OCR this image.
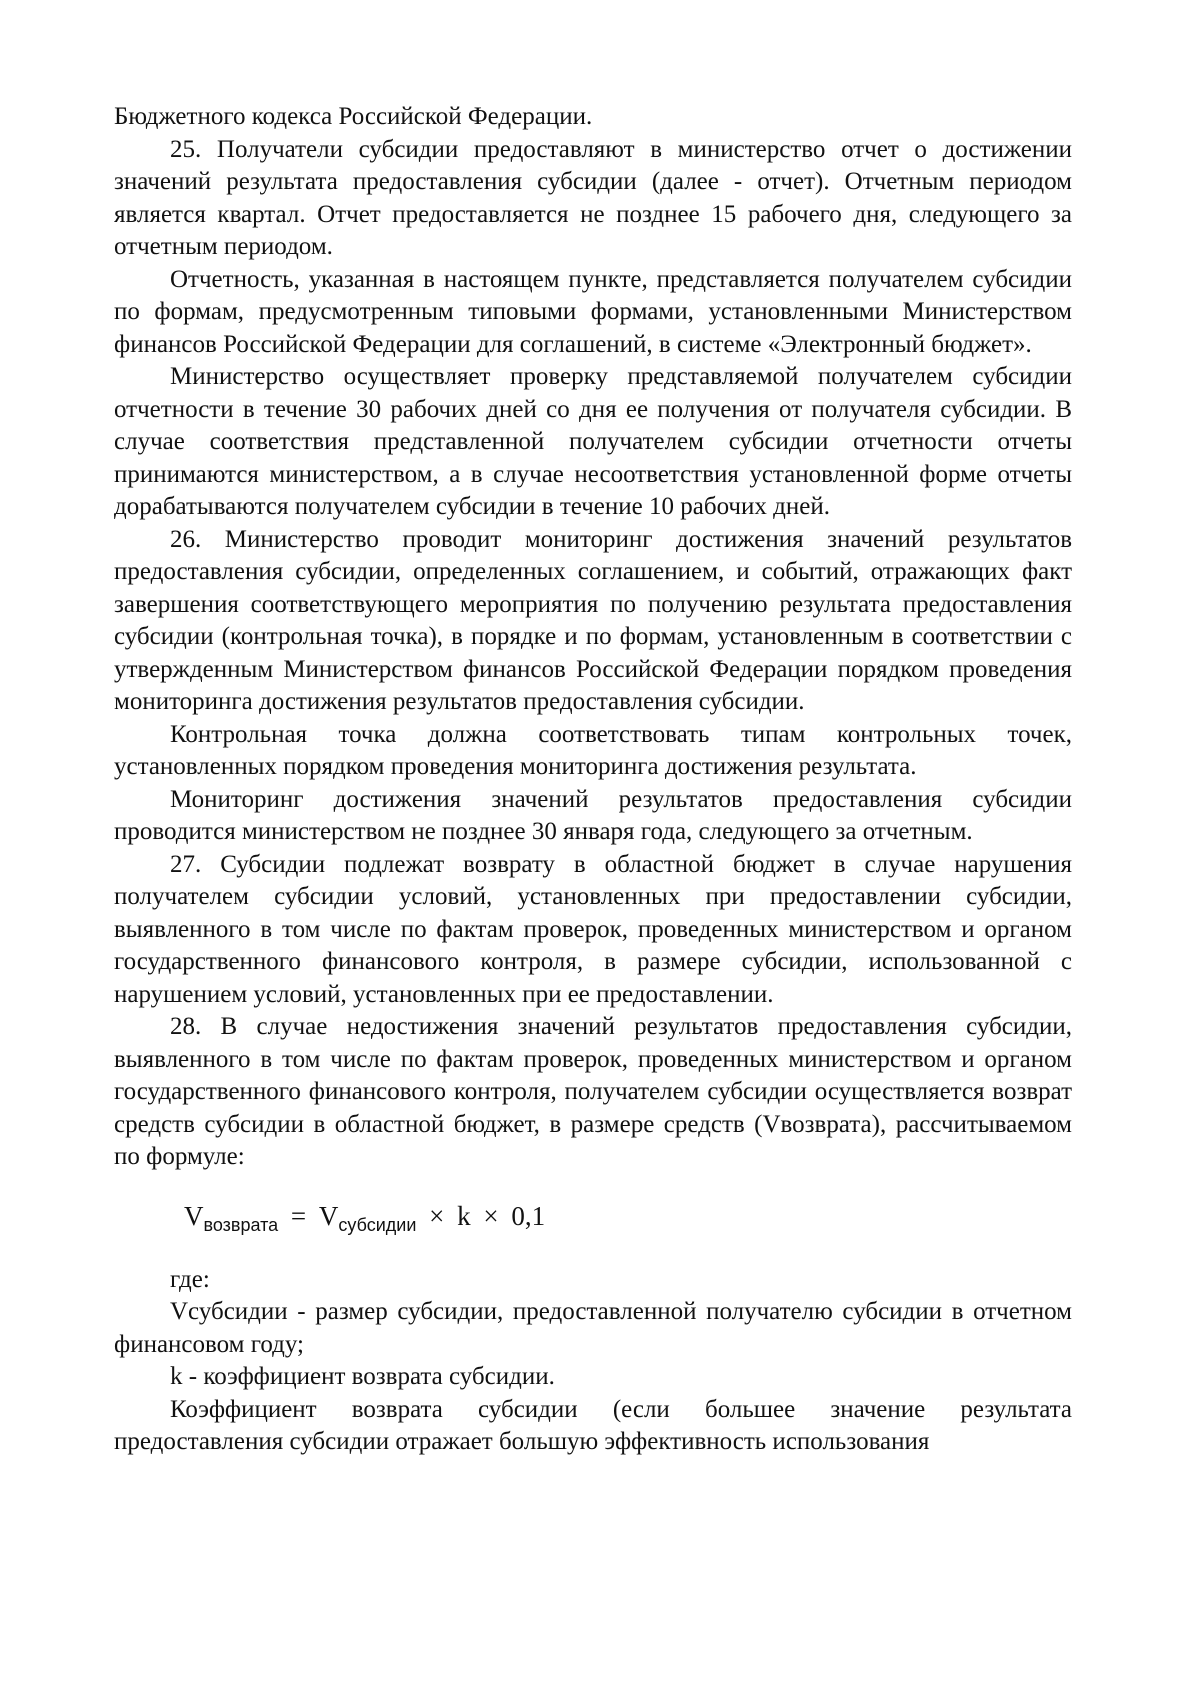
Бюджетного кодекса Российской Федерации.

25. Получатели субсидии предоставляют в министерство отчет о достижении значений результата предоставления субсидии (далее - отчет). Отчетным периодом является квартал. Отчет предоставляется не позднее 15 рабочего дня, следующего за отчетным периодом.

Отчетность, указанная в настоящем пункте, представляется получателем субсидии по формам, предусмотренным типовыми формами, установленными Министерством финансов Российской Федерации для соглашений, в системе «Электронный бюджет».

Министерство осуществляет проверку представляемой получателем субсидии отчетности в течение 30 рабочих дней со дня ее получения от получателя субсидии. В случае соответствия представленной получателем субсидии отчетности отчеты принимаются министерством, а в случае несоответствия установленной форме отчеты дорабатываются получателем субсидии в течение 10 рабочих дней.

26. Министерство проводит мониторинг достижения значений результатов предоставления субсидии, определенных соглашением, и событий, отражающих факт завершения соответствующего мероприятия по получению результата предоставления субсидии (контрольная точка), в порядке и по формам, установленным в соответствии с утвержденным Министерством финансов Российской Федерации порядком проведения мониторинга достижения результатов предоставления субсидии.

Контрольная точка должна соответствовать типам контрольных точек, установленных порядком проведения мониторинга достижения результата.

Мониторинг достижения значений результатов предоставления субсидии проводится министерством не позднее 30 января года, следующего за отчетным.

27. Субсидии подлежат возврату в областной бюджет в случае нарушения получателем субсидии условий, установленных при предоставлении субсидии, выявленного в том числе по фактам проверок, проведенных министерством и органом государственного финансового контроля, в размере субсидии, использованной с нарушением условий, установленных при ее предоставлении.

28. В случае недостижения значений результатов предоставления субсидии, выявленного в том числе по фактам проверок, проведенных министерством и органом государственного финансового контроля, получателем субсидии осуществляется возврат средств субсидии в областной бюджет, в размере средств (Vвозврата), рассчитываемом по формуле:

$V_{возврата} = V_{субсидии} \times k \times 0,1$

где:

Vсубсидии - размер субсидии, предоставленной получателю субсидии в отчетном финансовом году;

k - коэффициент возврата субсидии.

Коэффициент возврата субсидии (если большее значение результата предоставления субсидии отражает большую эффективность использования
